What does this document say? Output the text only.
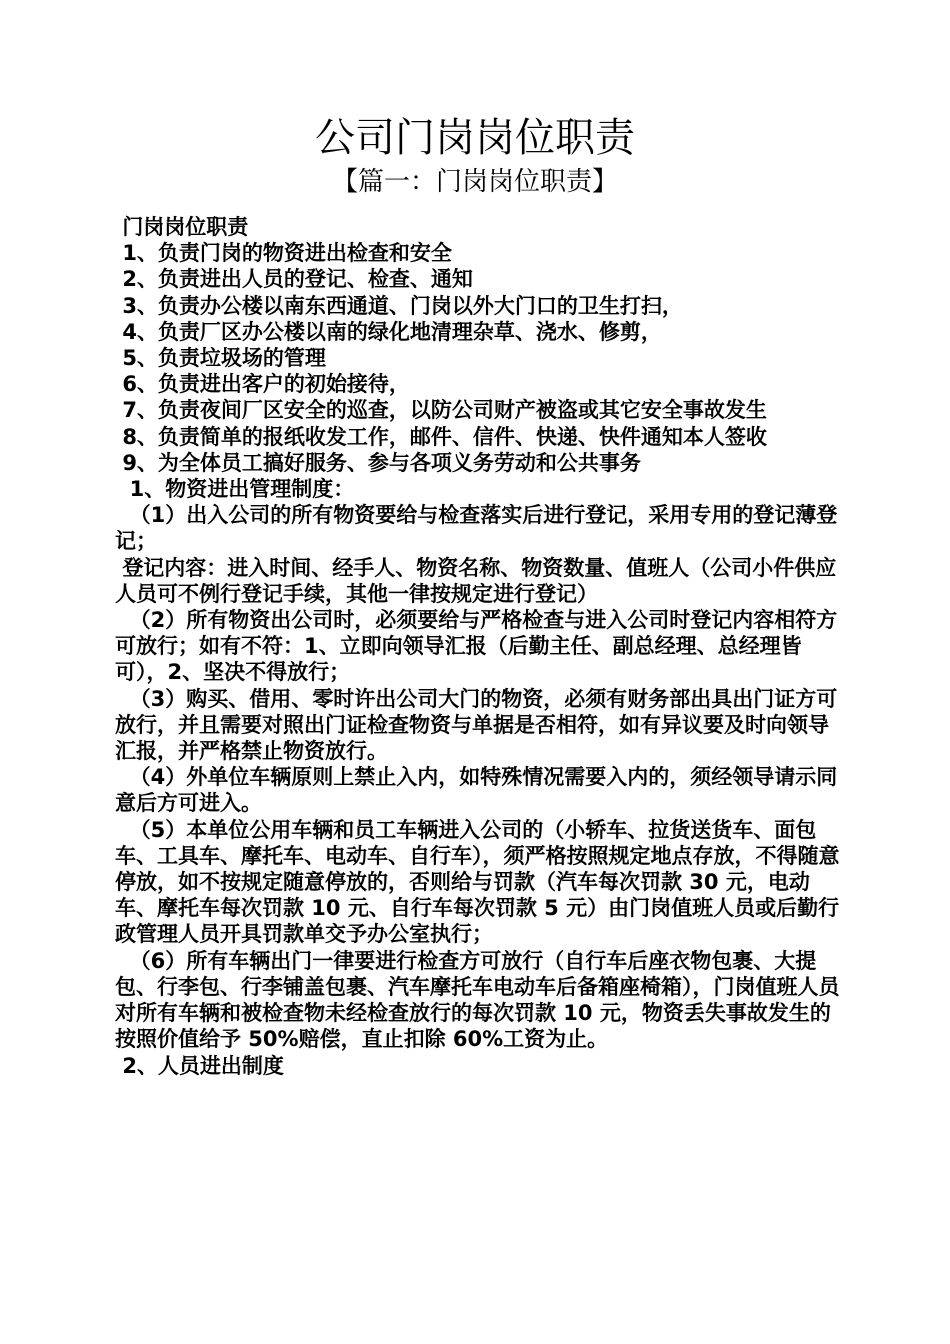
公司门岗岗位职责
【篇一：门岗岗位职责】

门岗岗位职责

1、负责门岗的物资进出检查和安全

2、负责进出人员的登记、检查、通知

3、负责办公楼以南东西通道、门岗以外大门口的卫生打扫，

4、负责厂区办公楼以南的绿化地清理杂草、浇水、修剪，

5、负责垃圾场的管理

6、负责进出客户的初始接待，

7、负责夜间厂区安全的巡查，以防公司财产被盗或其它安全事故发生

8、负责简单的报纸收发工作，邮件、信件、快递、快件通知本人签收

9、为全体员工搞好服务、参与各项义务劳动和公共事务

1、物资进出管理制度：

（1）出入公司的所有物资要给与检查落实后进行登记，采用专用的登记薄登记；

登记内容：进入时间、经手人、物资名称、物资数量、值班人（公司小件供应人员可不例行登记手续，其他一律按规定进行登记）

（2）所有物资出公司时，必须要给与严格检查与进入公司时登记内容相符方可放行；如有不符：1、立即向领导汇报（后勤主任、副总经理、总经理皆可），2、坚决不得放行；

（3）购买、借用、零时许出公司大门的物资，必须有财务部出具出门证方可放行，并且需要对照出门证检查物资与单据是否相符，如有异议要及时向领导汇报，并严格禁止物资放行。

（4）外单位车辆原则上禁止入内，如特殊情况需要入内的，须经领导请示同意后方可进入。

（5）本单位公用车辆和员工车辆进入公司的（小轿车、拉货送货车、面包车、工具车、摩托车、电动车、自行车），须严格按照规定地点存放，不得随意停放，如不按规定随意停放的，否则给与罚款（汽车每次罚款 30 元，电动车、摩托车每次罚款 10 元、自行车每次罚款 5 元）由门岗值班人员或后勤行政管理人员开具罚款单交予办公室执行；

（6）所有车辆出门一律要进行检查方可放行（自行车后座衣物包裹、大提包、行李包、行李铺盖包裹、汽车摩托车电动车后备箱座椅箱），门岗值班人员对所有车辆和被检查物未经检查放行的每次罚款 10 元，物资丢失事故发生的按照价值给予 50%赔偿，直止扣除 60%工资为止。

2、人员进出制度
